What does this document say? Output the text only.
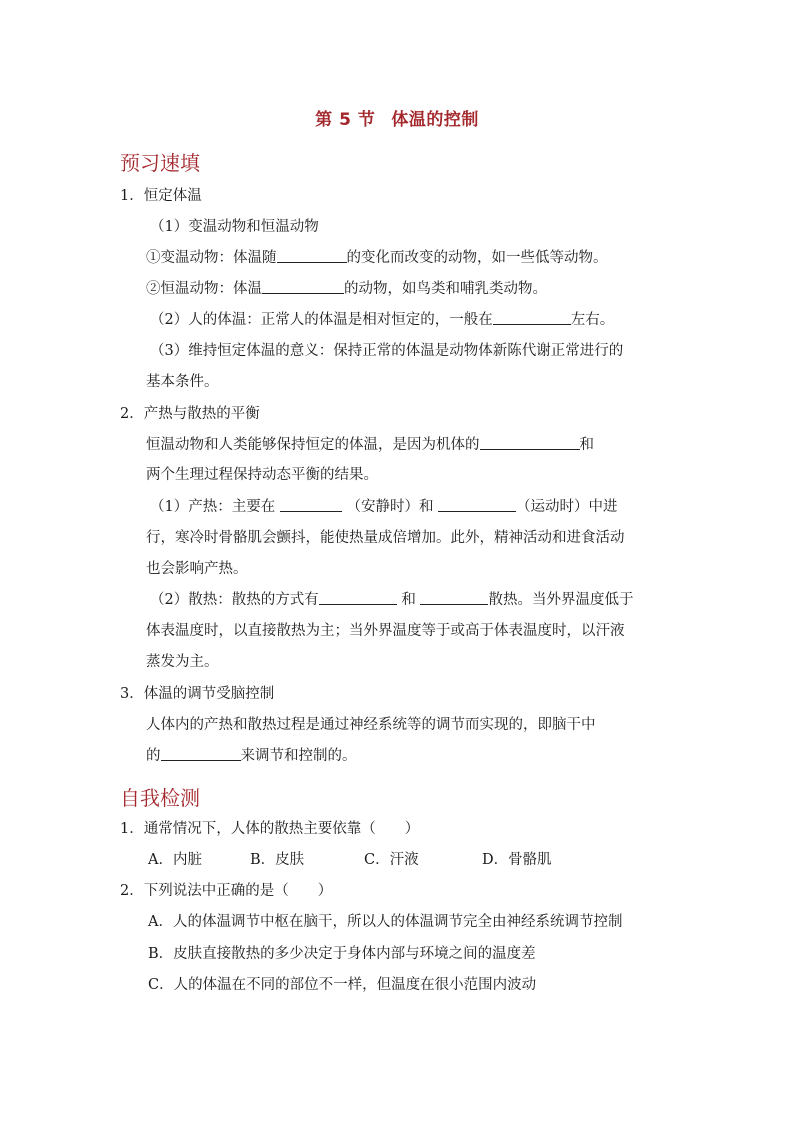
第 5 节 体温的控制
预习速填
1．恒定体温
（1）变温动物和恒温动物
①变温动物：体温随	的变化而改变的动物，如一些低等动物。
②恒温动物：体温	的动物，如鸟类和哺乳类动物。
（2）人的体温：正常人的体温是相对恒定的，一般在	左右。
（3）维持恒定体温的意义：保持正常的体温是动物体新陈代谢正常进行的
基本条件。
2．产热与散热的平衡
恒温动物和人类能够保持恒定的体温，是因为机体的	和
两个生理过程保持动态平衡的结果。
（1）产热：主要在	（安静时）和	（运动时）中进
行，寒冷时骨骼肌会颤抖，能使热量成倍增加。此外，精神活动和进食活动
也会影响产热。
（2）散热：散热的方式有	和	散热。当外界温度低于
体表温度时，以直接散热为主；当外界温度等于或高于体表温度时，以汗液
蒸发为主。
3．体温的调节受脑控制
人体内的产热和散热过程是通过神经系统等的调节而实现的，即脑干中
的	来调节和控制的。
自我检测
1．通常情况下，人体的散热主要依靠（　　）
A．内脏	B．皮肤	C．汗液	D．骨骼肌
2．下列说法中正确的是（　　）
A．人的体温调节中枢在脑干，所以人的体温调节完全由神经系统调节控制
B．皮肤直接散热的多少决定于身体内部与环境之间的温度差
C．人的体温在不同的部位不一样，但温度在很小范围内波动
